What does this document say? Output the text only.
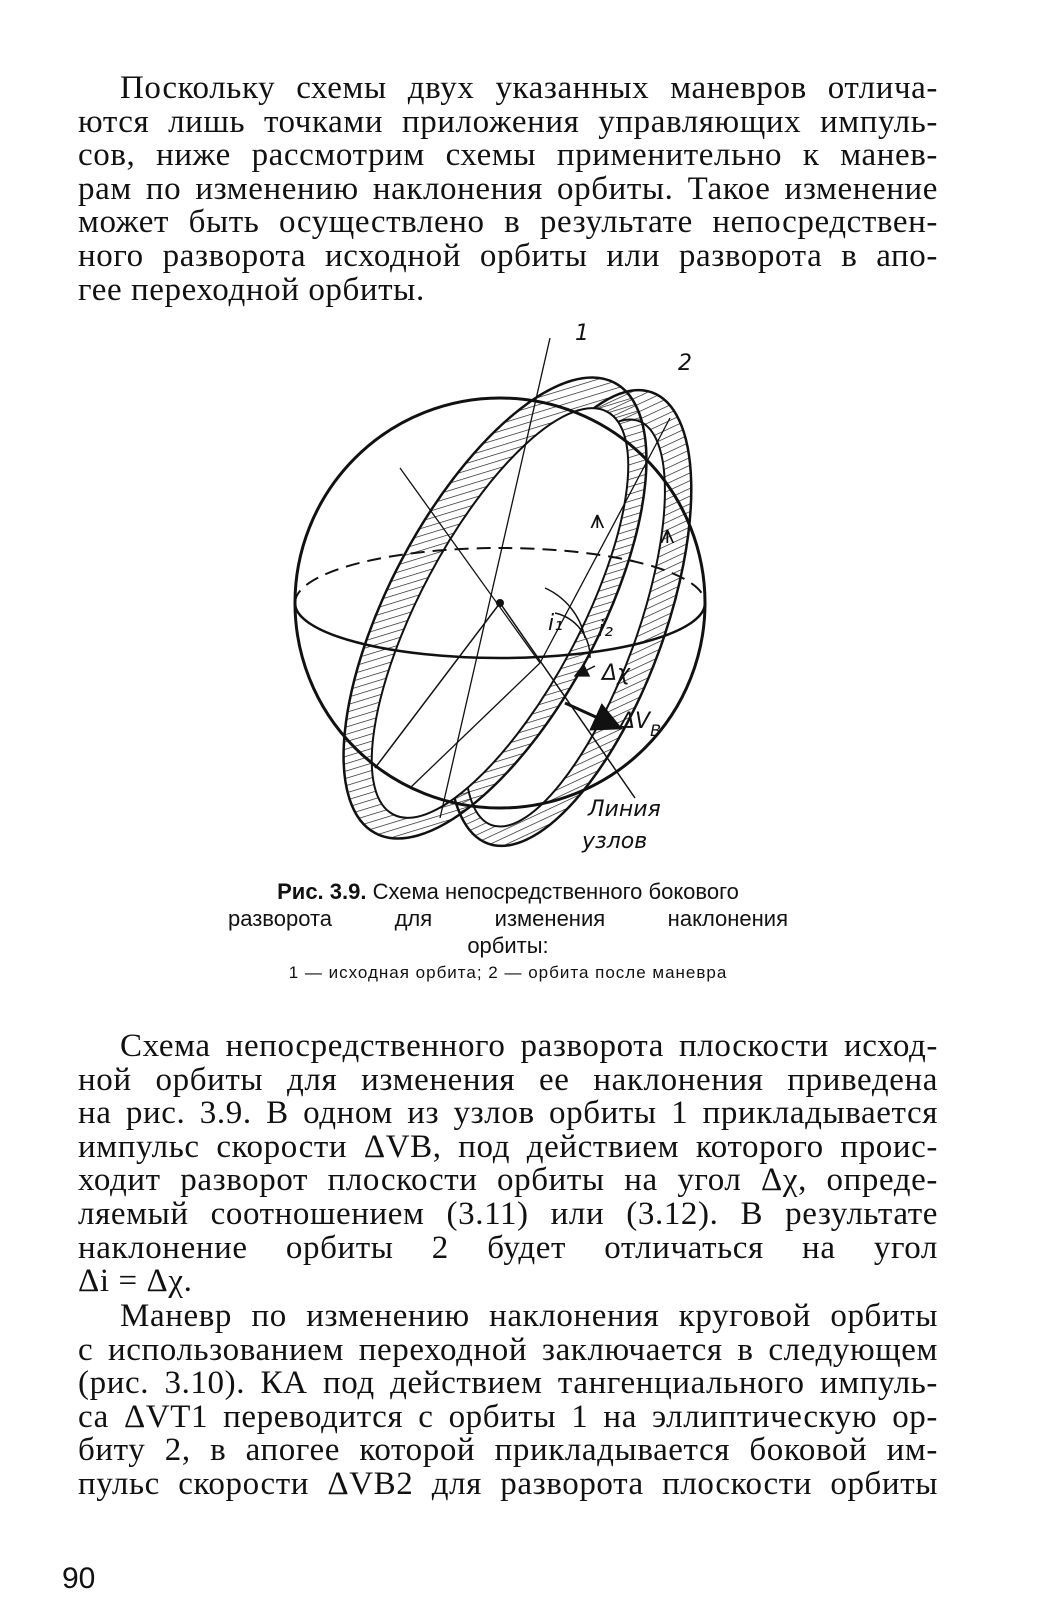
Поскольку схемы двух указанных маневров отлича-
ются лишь точками приложения управляющих импуль-
сов, ниже рассмотрим схемы применительно к манев-
рам по изменению наклонения орбиты. Такое изменение
может быть осуществлено в результате непосредствен-
ного разворота исходной орбиты или разворота в апо-
гее переходной орбиты.
⩚ ⩚
1
2
i₁ i₂
Δχ
$\Delta V_B$
Линия
узлов
Рис. 3.9. Схема непосредственного бокового
разворота для изменения наклонения
орбиты:
1 — исходная орбита; 2 — орбита после маневра
Схема непосредственного разворота плоскости исход-
ной орбиты для изменения ее наклонения приведена
на рис. 3.9. В одном из узлов орбиты 1 прикладывается
импульс скорости ΔVB, под действием которого проис-
ходит разворот плоскости орбиты на угол Δχ, опреде-
ляемый соотношением (3.11) или (3.12). В результате
наклонение орбиты 2 будет отличаться на угол
Δi = Δχ.
Маневр по изменению наклонения круговой орбиты
с использованием переходной заключается в следующем
(рис. 3.10). КА под действием тангенциального импуль-
са ΔVT1 переводится с орбиты 1 на эллиптическую ор-
биту 2, в апогее которой прикладывается боковой им-
пульс скорости ΔVB2 для разворота плоскости орбиты
90
